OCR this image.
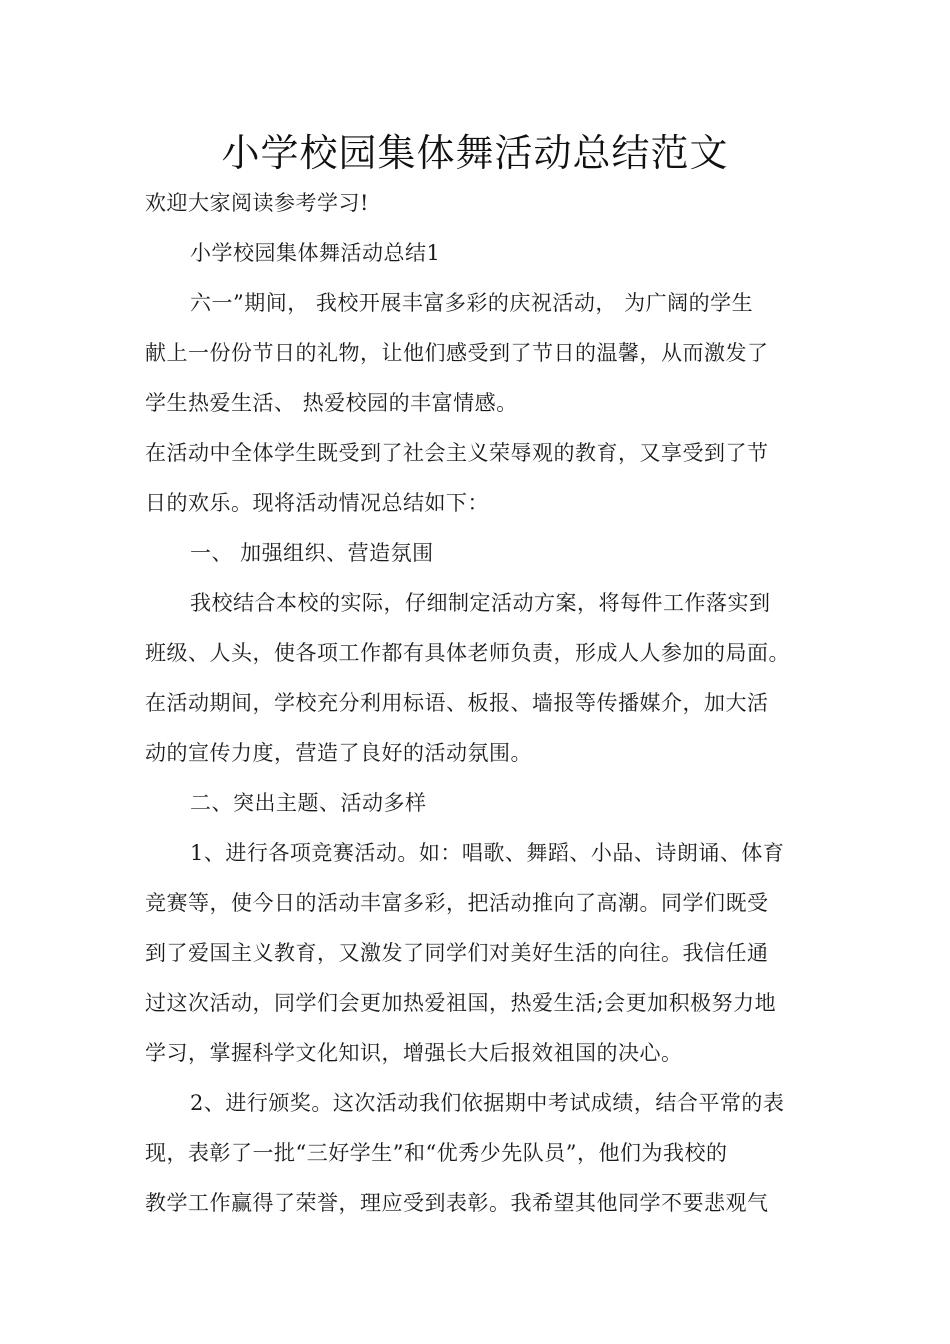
小学校园集体舞活动总结范文
欢迎大家阅读参考学习!
小学校园集体舞活动总结1
六一”期间， 我校开展丰富多彩的庆祝活动， 为广阔的学生
献上一份份节日的礼物，让他们感受到了节日的温馨，从而激发了
学生热爱生活、 热爱校园的丰富情感。
在活动中全体学生既受到了社会主义荣辱观的教育，又享受到了节
日的欢乐。现将活动情况总结如下：
一、 加强组织、营造氛围
我校结合本校的实际，仔细制定活动方案，将每件工作落实到
班级、人头，使各项工作都有具体老师负责，形成人人参加的局面。
在活动期间，学校充分利用标语、板报、墙报等传播媒介，加大活
动的宣传力度，营造了良好的活动氛围。
二、突出主题、活动多样
1、进行各项竞赛活动。如：唱歌、舞蹈、小品、诗朗诵、体育
竞赛等，使今日的活动丰富多彩，把活动推向了高潮。同学们既受
到了爱国主义教育，又激发了同学们对美好生活的向往。我信任通
过这次活动，同学们会更加热爱祖国，热爱生活;会更加积极努力地
学习，掌握科学文化知识，增强长大后报效祖国的决心。
2、进行颁奖。这次活动我们依据期中考试成绩，结合平常的表
现，表彰了一批“三好学生”和“优秀少先队员”，他们为我校的
教学工作赢得了荣誉，理应受到表彰。我希望其他同学不要悲观气
